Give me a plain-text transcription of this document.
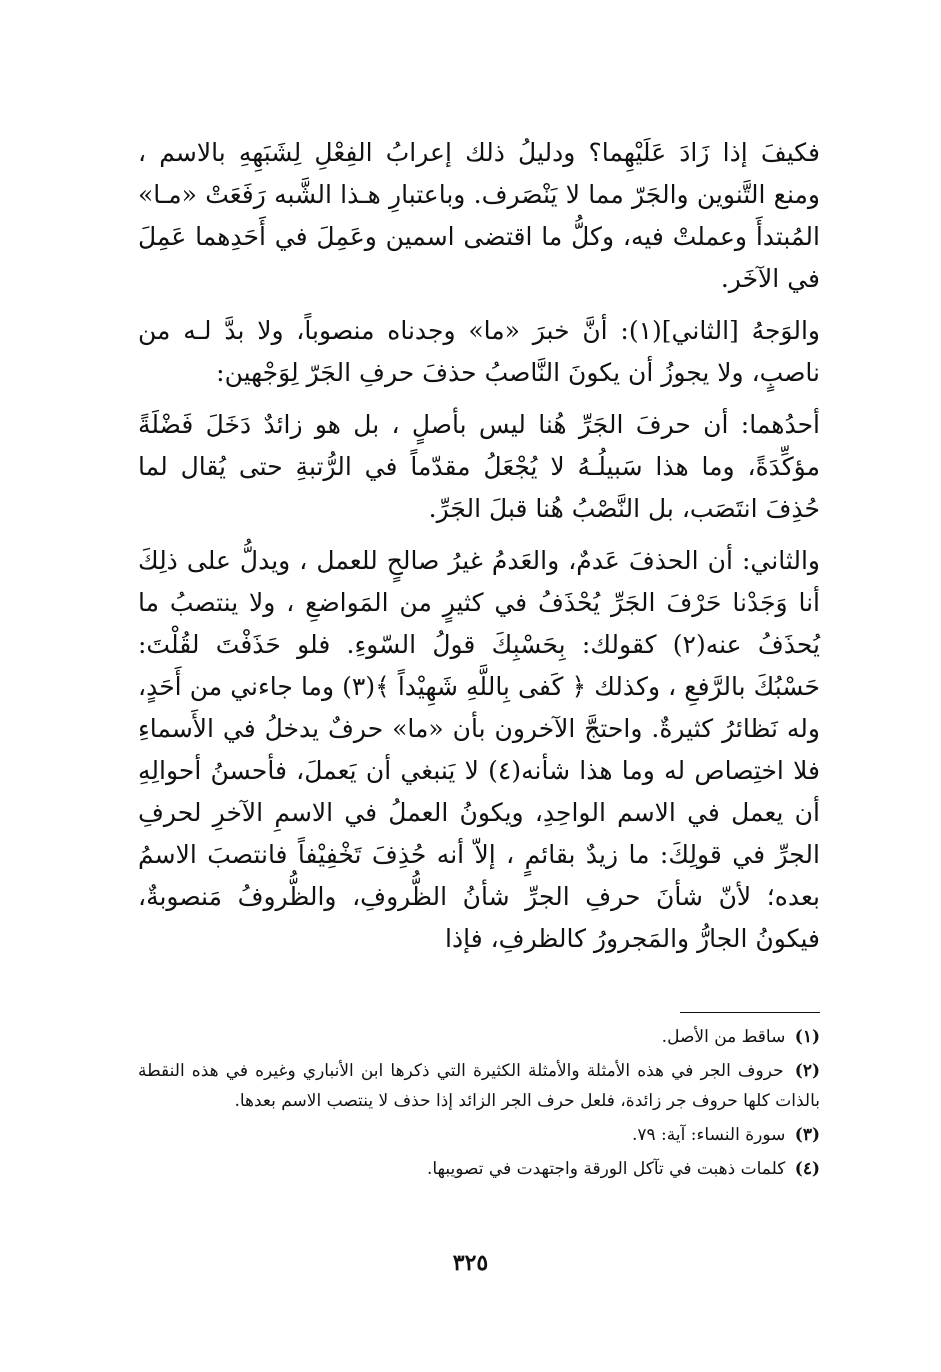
فكيفَ إذا زَادَ عَلَيْهِما؟ ودليلُ ذلك إعرابُ الفِعْلِ لِشَبَهِهِ بالاسم ، ومنع التَّنوين والجَرّ مما لا يَنْصَرف. وباعتبارِ هـذا الشَّبه رَفَعَتْ «مـا» المُبتدأَ وعملتْ فيه، وكلُّ ما اقتضى اسمين وعَمِلَ في أَحَدِهما عَمِلَ في الآخَر.

والوَجهُ [الثاني](١): أنَّ خبرَ «ما» وجدناه منصوباً، ولا بدَّ لـه من ناصبٍ، ولا يجوزُ أن يكونَ النَّاصبُ حذفَ حرفِ الجَرّ لِوَجْهين:

أحدُهما: أن حرفَ الجَرِّ هُنا ليس بأصلٍ ، بل هو زائدٌ دَخَلَ فَضْلَةً مؤكِّدَةً، وما هذا سَبيلُـهُ لا يُجْعَلُ مقدّماً في الرُّتبةِ حتى يُقال لما حُذِفَ انتَصَب، بل النَّصْبُ هُنا قبلَ الجَرِّ.

والثاني: أن الحذفَ عَدمٌ، والعَدمُ غيرُ صالحٍ للعمل ، ويدلُّ على ذلِكَ أنا وَجَدْنا حَرْفَ الجَرِّ يُحْذَفُ في كثيرٍ من المَواضعِ ، ولا ينتصبُ ما يُحذَفُ عنه(٢) كقولك: بِحَسْبِكَ قولُ السّوءِ. فلو حَذَفْتَ لقُلْتَ: حَسْبُكَ بالرَّفعِ ، وكذلك ﴿ كَفى بِاللَّهِ شَهِيْداً ﴾(٣) وما جاءني من أَحَدٍ، وله نَظائرُ كثيرةٌ. واحتجَّ الآخرون بأن «ما» حرفٌ يدخلُ في الأَسماءِ فلا اختِصاص له وما هذا شأنه(٤) لا يَنبغي أن يَعملَ، فأحسنُ أحوالِهِ أن يعمل في الاسم الواحِدِ، ويكونُ العملُ في الاسمِ الآخرِ لحرفِ الجرِّ في قولِكَ: ما زيدٌ بقائمٍ ، إلاّ أنه حُذِفَ تَخْفِيْفاً فانتصبَ الاسمُ بعده؛ لأنّ شأنَ حرفِ الجرِّ شأنُ الظُّروفِ، والظُّروفُ مَنصوبةٌ، فيكونُ الجارُّ والمَجرورُ كالظرفِ، فإذا

(١) ساقط من الأصل.

(٢) حروف الجر في هذه الأمثلة والأمثلة الكثيرة التي ذكرها ابن الأنباري وغيره في هذه النقطة بالذات كلها حروف جر زائدة، فلعل حرف الجر الزائد إذا حذف لا ينتصب الاسم بعدها.

(٣) سورة النساء: آية: ٧٩.

(٤) كلمات ذهبت في تآكل الورقة واجتهدت في تصويبها.

٣٢٥
